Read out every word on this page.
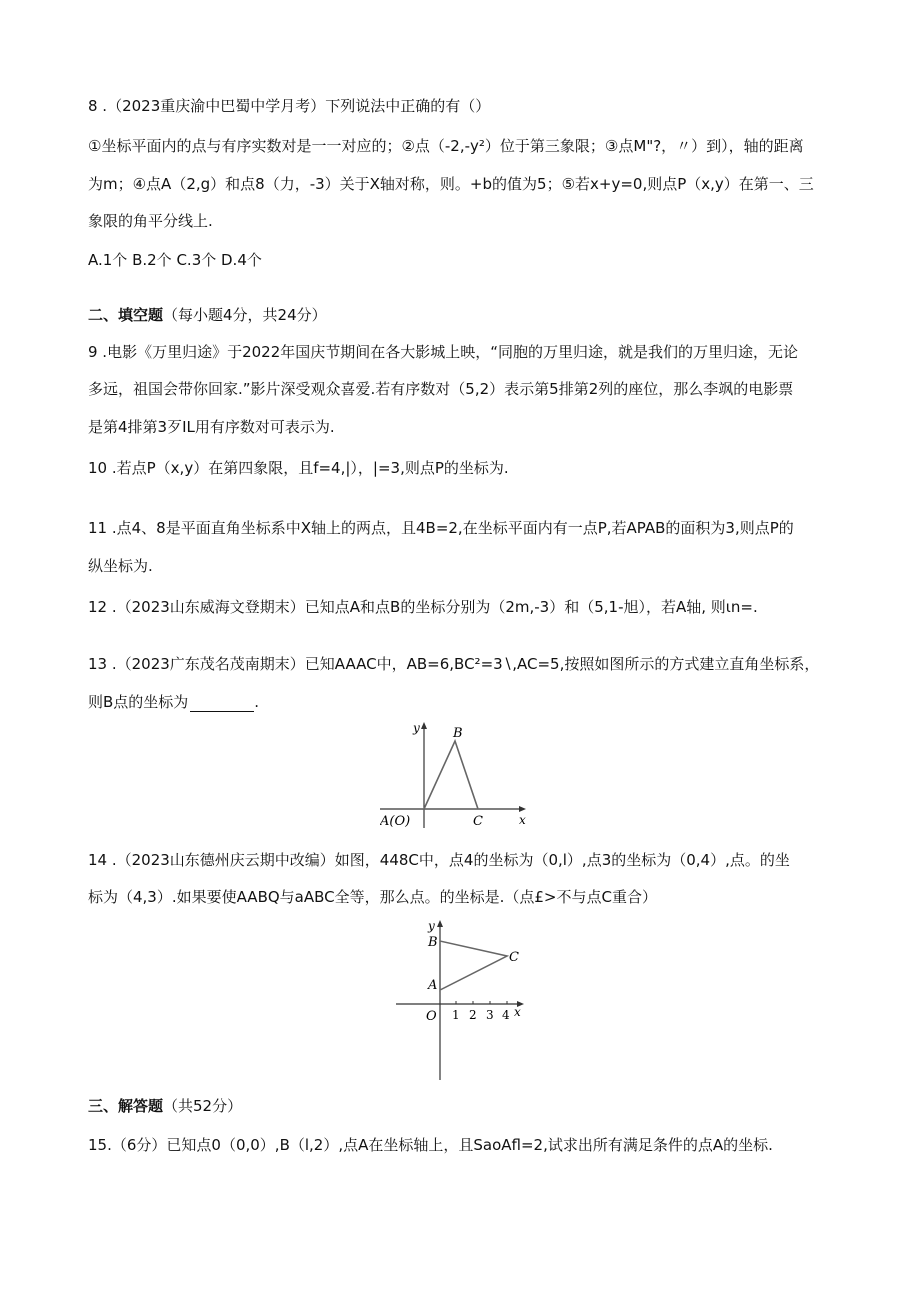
8 .（2023重庆渝中巴蜀中学月考）下列说法中正确的有（）
①坐标平面内的点与有序实数对是一一对应的；②点（-2,-y²）位于第三象限；③点M"?，〃）到），轴的距离
为m；④点A（2,g）和点8（力，-3）关于X轴对称，则。+b的值为5；⑤若x+y=0,则点P（x,y）在第一、三
象限的角平分线上.
A.1个 B.2个 C.3个 D.4个
二、填空题（每小题4分，共24分）
9 .电影《万里归途》于2022年国庆节期间在各大影城上映，“同胞的万里归途，就是我们的万里归途，无论
多远，祖国会带你回家.”影片深受观众喜爱.若有序数对（5,2）表示第5排第2列的座位，那么李飒的电影票
是第4排第3歹IL用有序数对可表示为.
10 .若点P（x,y）在第四象限，且f=4,|），|=3,则点P的坐标为.
11 .点4、8是平面直角坐标系中X轴上的两点，且4B=2,在坐标平面内有一点P,若APAB的面积为3,则点P的
纵坐标为.
12 .（2023山东威海文登期末）已知点A和点B的坐标分别为（2m,-3）和（5,1-旭），若A轴, 则ιn=.
13 .（2023广东茂名茂南期末）已知AAAC中，AB=6,BC²=3∖,AC=5,按照如图所示的方式建立直角坐标系，
则B点的坐标为	.
y
x
B
A(O)	C
14 .（2023山东德州庆云期中改编）如图，448C中，点4的坐标为（0,l）,点3的坐标为（0,4）,点。的坐
标为（4,3）.如果要使AABQ与aABC全等，那么点。的坐标是.（点£>不与点C重合）
1 2 3 4
y
x
O
B
A
C
三、解答题（共52分）
15.（6分）已知点0（0,0）,B（l,2）,点A在坐标轴上，且SaoAfl=2,试求出所有满足条件的点A的坐标.
